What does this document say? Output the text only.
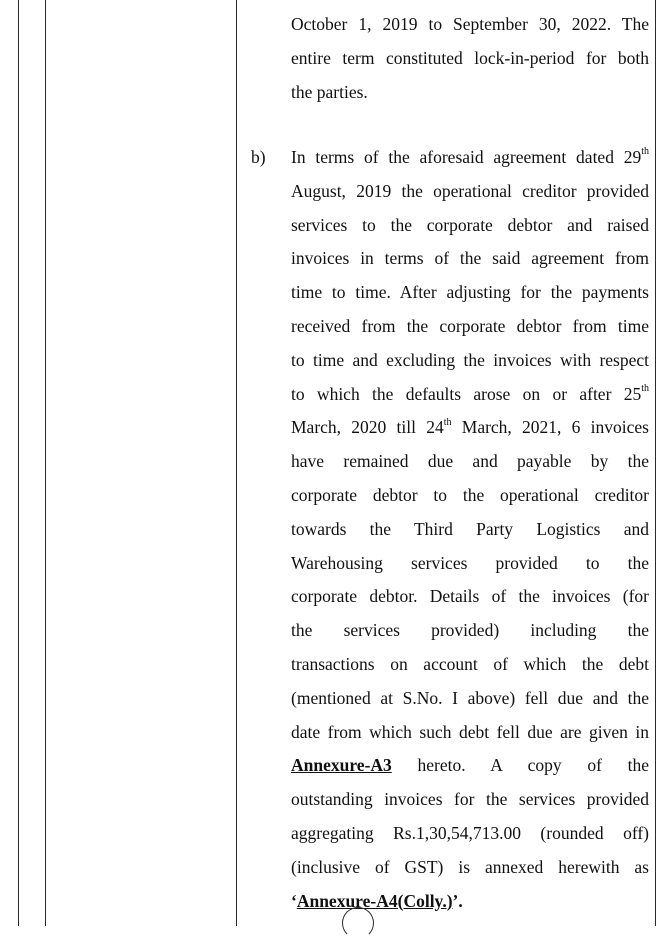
October 1, 2019 to September 30, 2022. The
entire term constituted lock-in-period for both
the parties.
b) In terms of the aforesaid agreement dated 29th
August, 2019 the operational creditor provided
services to the corporate debtor and raised
invoices in terms of the said agreement from
time to time. After adjusting for the payments
received from the corporate debtor from time
to time and excluding the invoices with respect
to which the defaults arose on or after 25th
March, 2020 till 24th March, 2021, 6 invoices
have remained due and payable by the
corporate debtor to the operational creditor
towards the Third Party Logistics and
Warehousing services provided to the
corporate debtor. Details of the invoices (for
the services provided) including the
transactions on account of which the debt
(mentioned at S.No. I above) fell due and the
date from which such debt fell due are given in
Annexure-A3 hereto. A copy of the
outstanding invoices for the services provided
aggregating Rs.1,30,54,713.00 (rounded off)
(inclusive of GST) is annexed herewith as
‘Annexure-A4(Colly.)’.
